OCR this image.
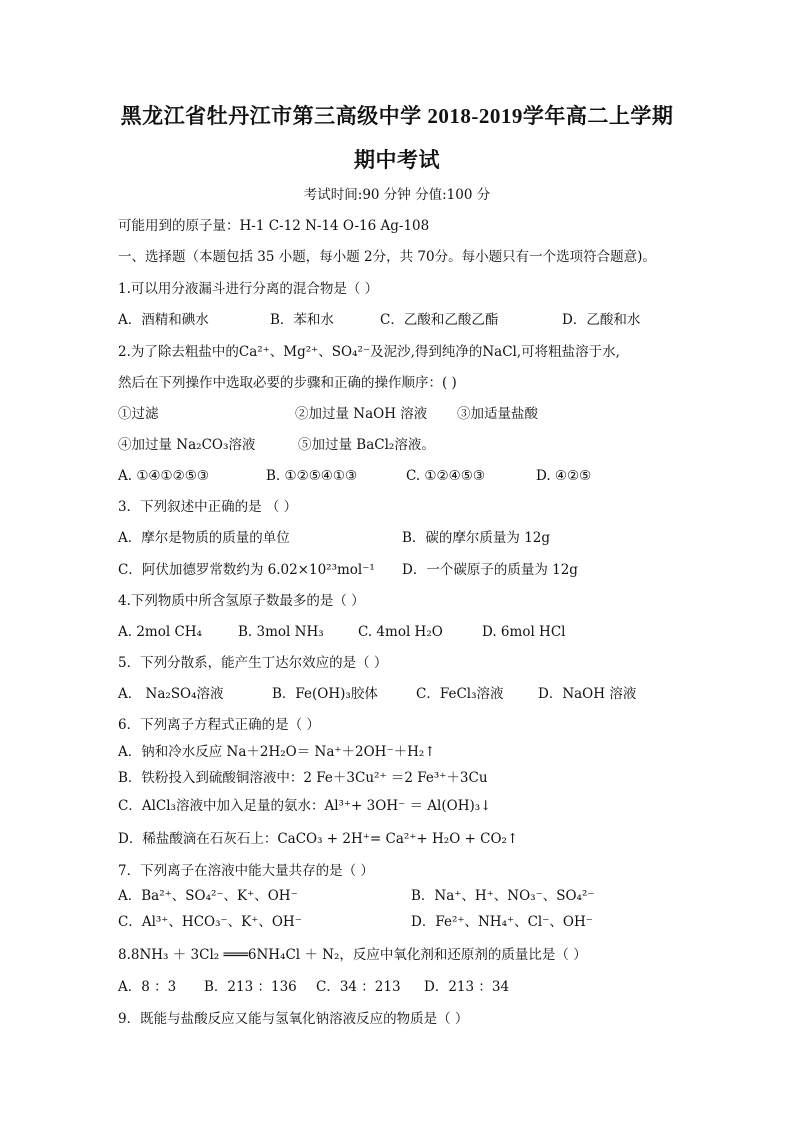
黑龙江省牡丹江市第三高级中学 2018-2019学年高二上学期
期中考试
考试时间:90 分钟 分值:100 分
可能用到的原子量：H-1 C-12 N-14 O-16 Ag-108
一、选择题（本题包括 35 小题，每小题 2分，共 70分。每小题只有一个选项符合题意)。
1.可以用分液漏斗进行分离的混合物是（ ）
A．酒精和碘水	B．苯和水	C．乙酸和乙酸乙酯	D．乙酸和水
2.为了除去粗盐中的Ca²⁺、Mg²⁺、SO₄²⁻及泥沙,得到纯净的NaCl,可将粗盐溶于水,
然后在下列操作中选取必要的步骤和正确的操作顺序：( )
①过滤	②加过量 NaOH 溶液 ③加适量盐酸
④加过量 Na₂CO₃溶液	⑤加过量 BaCl₂溶液。
A. ①④①②⑤③	B. ①②⑤④①③	C. ①②④⑤③	D. ④②⑤
3．下列叙述中正确的是 （ ）
A．摩尔是物质的质量的单位	B．碳的摩尔质量为 12g
C．阿伏加德罗常数约为 6.02×10²³mol⁻¹ D．一个碳原子的质量为 12g
4.下列物质中所含氢原子数最多的是（ ）
A. 2mol CH₄	B. 3mol NH₃	C. 4mol H₂O	D. 6mol HCl
5．下列分散系，能产生丁达尔效应的是（ ）
A． Na₂SO₄溶液	B．Fe(OH)₃胶体	C．FeCl₃溶液	D．NaOH 溶液
6．下列离子方程式正确的是（ ）
A．钠和冷水反应 Na＋2H₂O＝ Na⁺＋2OH⁻＋H₂↑
B．铁粉投入到硫酸铜溶液中：2 Fe＋3Cu²⁺ ＝2 Fe³⁺＋3Cu
C．AlCl₃溶液中加入足量的氨水：Al³⁺+ 3OH⁻ ＝ Al(OH)₃↓
D．稀盐酸滴在石灰石上：CaCO₃ + 2H⁺= Ca²⁺+ H₂O + CO₂↑
7．下列离子在溶液中能大量共存的是（ ）
A．Ba²⁺、SO₄²⁻、K⁺、OH⁻	B．Na⁺、H⁺、NO₃⁻、SO₄²⁻
C．Al³⁺、HCO₃⁻、K⁺、OH⁻	D．Fe²⁺、NH₄⁺、Cl⁻、OH⁻
8.8NH₃ ＋ 3Cl₂ ═══6NH₄Cl ＋ N₂，反应中氧化剂和还原剂的质量比是（ ）
A．8 ：3 B．213 ：136 C．34 ：213 D．213 ：34
9．既能与盐酸反应又能与氢氧化钠溶液反应的物质是（ ）
